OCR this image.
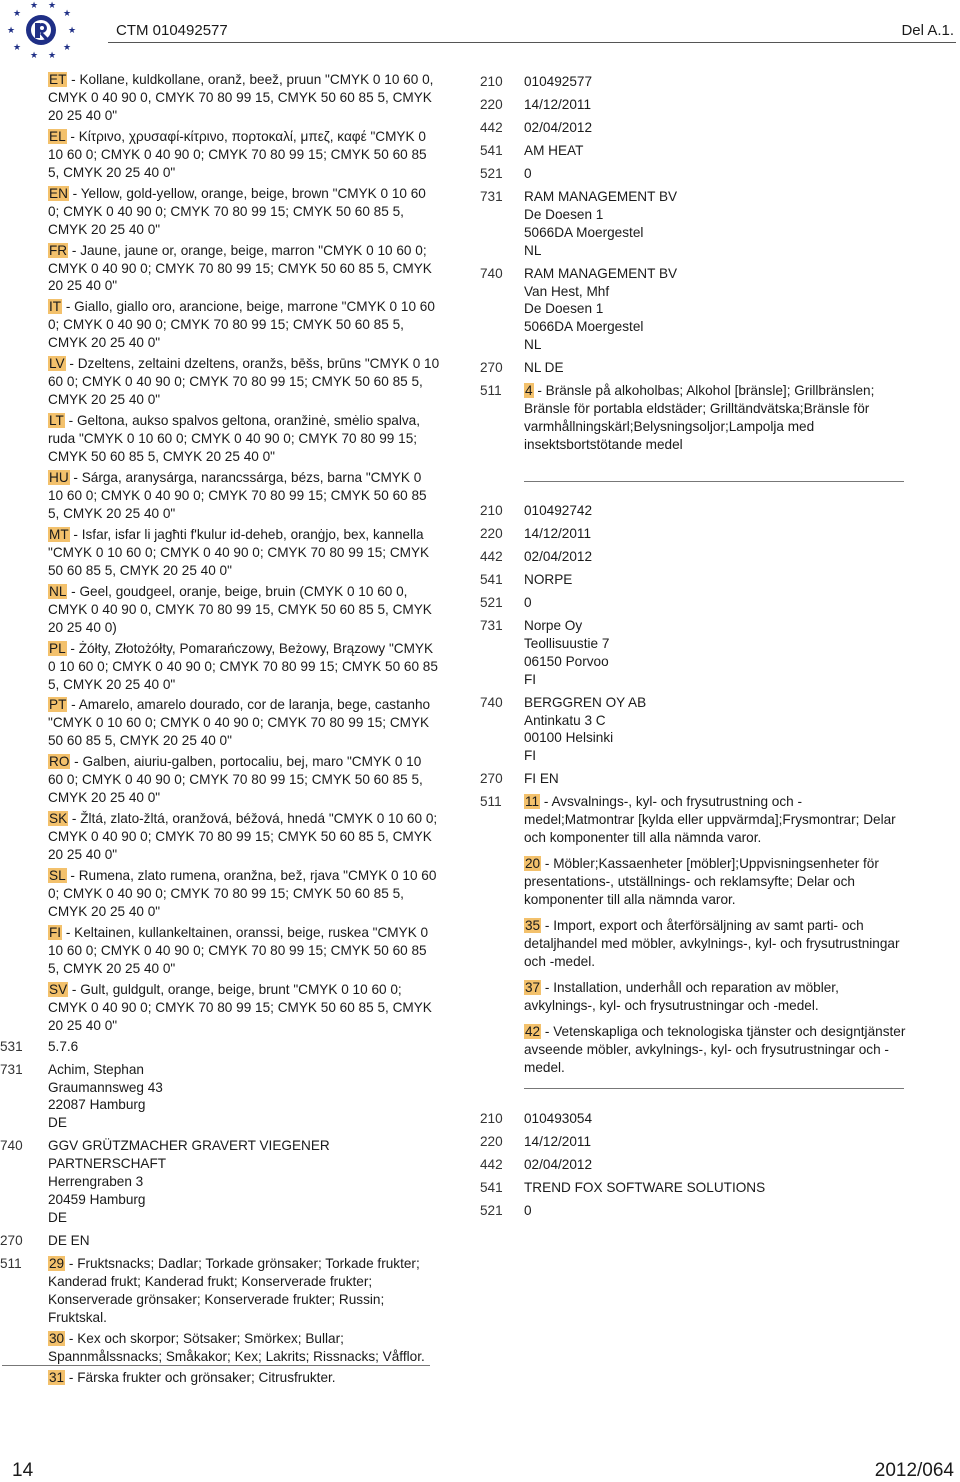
★
★ ★
★
★	★
★	★
★ ★
CTM 010492577	Del A.1.
ET - Kollane, kuldkollane, oranž, beež, pruun "CMYK 0 10 60 0, CMYK 0 40 90 0, CMYK 70 80 99 15, CMYK 50 60 85 5, CMYK 20 25 40 0"
EL - Κίτρινο, χρυσαφί-κίτρινο, πορτοκαλί, μπεζ, καφέ "CMYK 0 10 60 0; CMYK 0 40 90 0; CMYK 70 80 99 15; CMYK 50 60 85 5, CMYK 20 25 40 0"
EN - Yellow, gold-yellow, orange, beige, brown "CMYK 0 10 60 0; CMYK 0 40 90 0; CMYK 70 80 99 15; CMYK 50 60 85 5, CMYK 20 25 40 0"
FR - Jaune, jaune or, orange, beige, marron "CMYK 0 10 60 0; CMYK 0 40 90 0; CMYK 70 80 99 15; CMYK 50 60 85 5, CMYK 20 25 40 0"
IT - Giallo, giallo oro, arancione, beige, marrone "CMYK 0 10 60 0; CMYK 0 40 90 0; CMYK 70 80 99 15; CMYK 50 60 85 5, CMYK 20 25 40 0"
LV - Dzeltens, zeltaini dzeltens, oranžs, bēšs, brūns "CMYK 0 10 60 0; CMYK 0 40 90 0; CMYK 70 80 99 15; CMYK 50 60 85 5, CMYK 20 25 40 0"
LT - Geltona, aukso spalvos geltona, oranžinė, smėlio spalva, ruda "CMYK 0 10 60 0; CMYK 0 40 90 0; CMYK 70 80 99 15; CMYK 50 60 85 5, CMYK 20 25 40 0"
HU - Sárga, aranysárga, narancssárga, bézs, barna "CMYK 0 10 60 0; CMYK 0 40 90 0; CMYK 70 80 99 15; CMYK 50 60 85 5, CMYK 20 25 40 0"
MT - Isfar, isfar li jagħti f'kulur id-deheb, oranġjo, bex, kannella "CMYK 0 10 60 0; CMYK 0 40 90 0; CMYK 70 80 99 15; CMYK 50 60 85 5, CMYK 20 25 40 0"
NL - Geel, goudgeel, oranje, beige, bruin (CMYK 0 10 60 0, CMYK 0 40 90 0, CMYK 70 80 99 15, CMYK 50 60 85 5, CMYK 20 25 40 0)
PL - Żółty, Złotożółty, Pomarańczowy, Beżowy, Brązowy "CMYK 0 10 60 0; CMYK 0 40 90 0; CMYK 70 80 99 15; CMYK 50 60 85 5, CMYK 20 25 40 0"
PT - Amarelo, amarelo dourado, cor de laranja, bege, castanho "CMYK 0 10 60 0; CMYK 0 40 90 0; CMYK 70 80 99 15; CMYK 50 60 85 5, CMYK 20 25 40 0"
RO - Galben, aiuriu-galben, portocaliu, bej, maro "CMYK 0 10 60 0; CMYK 0 40 90 0; CMYK 70 80 99 15; CMYK 50 60 85 5, CMYK 20 25 40 0"
SK - Žltá, zlato-žltá, oranžová, béžová, hnedá "CMYK 0 10 60 0; CMYK 0 40 90 0; CMYK 70 80 99 15; CMYK 50 60 85 5, CMYK 20 25 40 0"
SL - Rumena, zlato rumena, oranžna, bež, rjava "CMYK 0 10 60 0; CMYK 0 40 90 0; CMYK 70 80 99 15; CMYK 50 60 85 5, CMYK 20 25 40 0"
FI - Keltainen, kullankeltainen, oranssi, beige, ruskea "CMYK 0 10 60 0; CMYK 0 40 90 0; CMYK 70 80 99 15; CMYK 50 60 85 5, CMYK 20 25 40 0"
SV - Gult, guldgult, orange, beige, brunt "CMYK 0 10 60 0; CMYK 0 40 90 0; CMYK 70 80 99 15; CMYK 50 60 85 5, CMYK 20 25 40 0"
531	5.7.6
731	Achim, Stephan
Graumannsweg 43
22087 Hamburg
DE
740	GGV GRÜTZMACHER GRAVERT VIEGENER PARTNERSCHAFT
Herrengraben 3
20459 Hamburg
DE
270	DE EN
511	29 - Fruktsnacks; Dadlar; Torkade grönsaker; Torkade frukter; Kanderad frukt; Kanderad frukt; Konserverade frukter; Konserverade grönsaker; Konserverade frukter; Russin; Fruktskal.
30 - Kex och skorpor; Sötsaker; Smörkex; Bullar; Spannmålssnacks; Småkakor; Kex; Lakrits; Rissnacks; Våfflor.
31 - Färska frukter och grönsaker; Citrusfrukter.
210	010492577
220	14/12/2011
442	02/04/2012
541	AM HEAT
521	0
731	RAM MANAGEMENT BV
De Doesen 1
5066DA Moergestel
NL
740	RAM MANAGEMENT BV
Van Hest, Mhf
De Doesen 1
5066DA Moergestel
NL
270	NL DE
511	4 - Bränsle på alkoholbas; Alkohol [bränsle]; Grillbränslen; Bränsle för portabla eldstäder; Grilltändvätska;Bränsle för varmhållningskärl;Belysningsoljor;Lampolja med insektsbortstötande medel
210	010492742
220	14/12/2011
442	02/04/2012
541	NORPE
521	0
731	Norpe Oy
Teollisuustie 7
06150 Porvoo
FI
740	BERGGREN OY AB
Antinkatu 3 C
00100 Helsinki
FI
270	FI EN
511	11 - Avsvalnings-, kyl- och frysutrustning och -medel;Matmontrar [kylda eller uppvärmda];Frysmontrar; Delar och komponenter till alla nämnda varor.
20 - Möbler;Kassaenheter [möbler];Uppvisningsenheter för presentations-, utställnings- och reklamsyfte; Delar och komponenter till alla nämnda varor.
35 - Import, export och återförsäljning av samt parti- och detaljhandel med möbler, avkylnings-, kyl- och frysutrustningar och -medel.
37 - Installation, underhåll och reparation av möbler, avkylnings-, kyl- och frysutrustningar och -medel.
42 - Vetenskapliga och teknologiska tjänster och designtjänster avseende möbler, avkylnings-, kyl- och frysutrustningar och -medel.
210	010493054
220	14/12/2011
442	02/04/2012
541	TREND FOX SOFTWARE SOLUTIONS
521	0
14	2012/064
